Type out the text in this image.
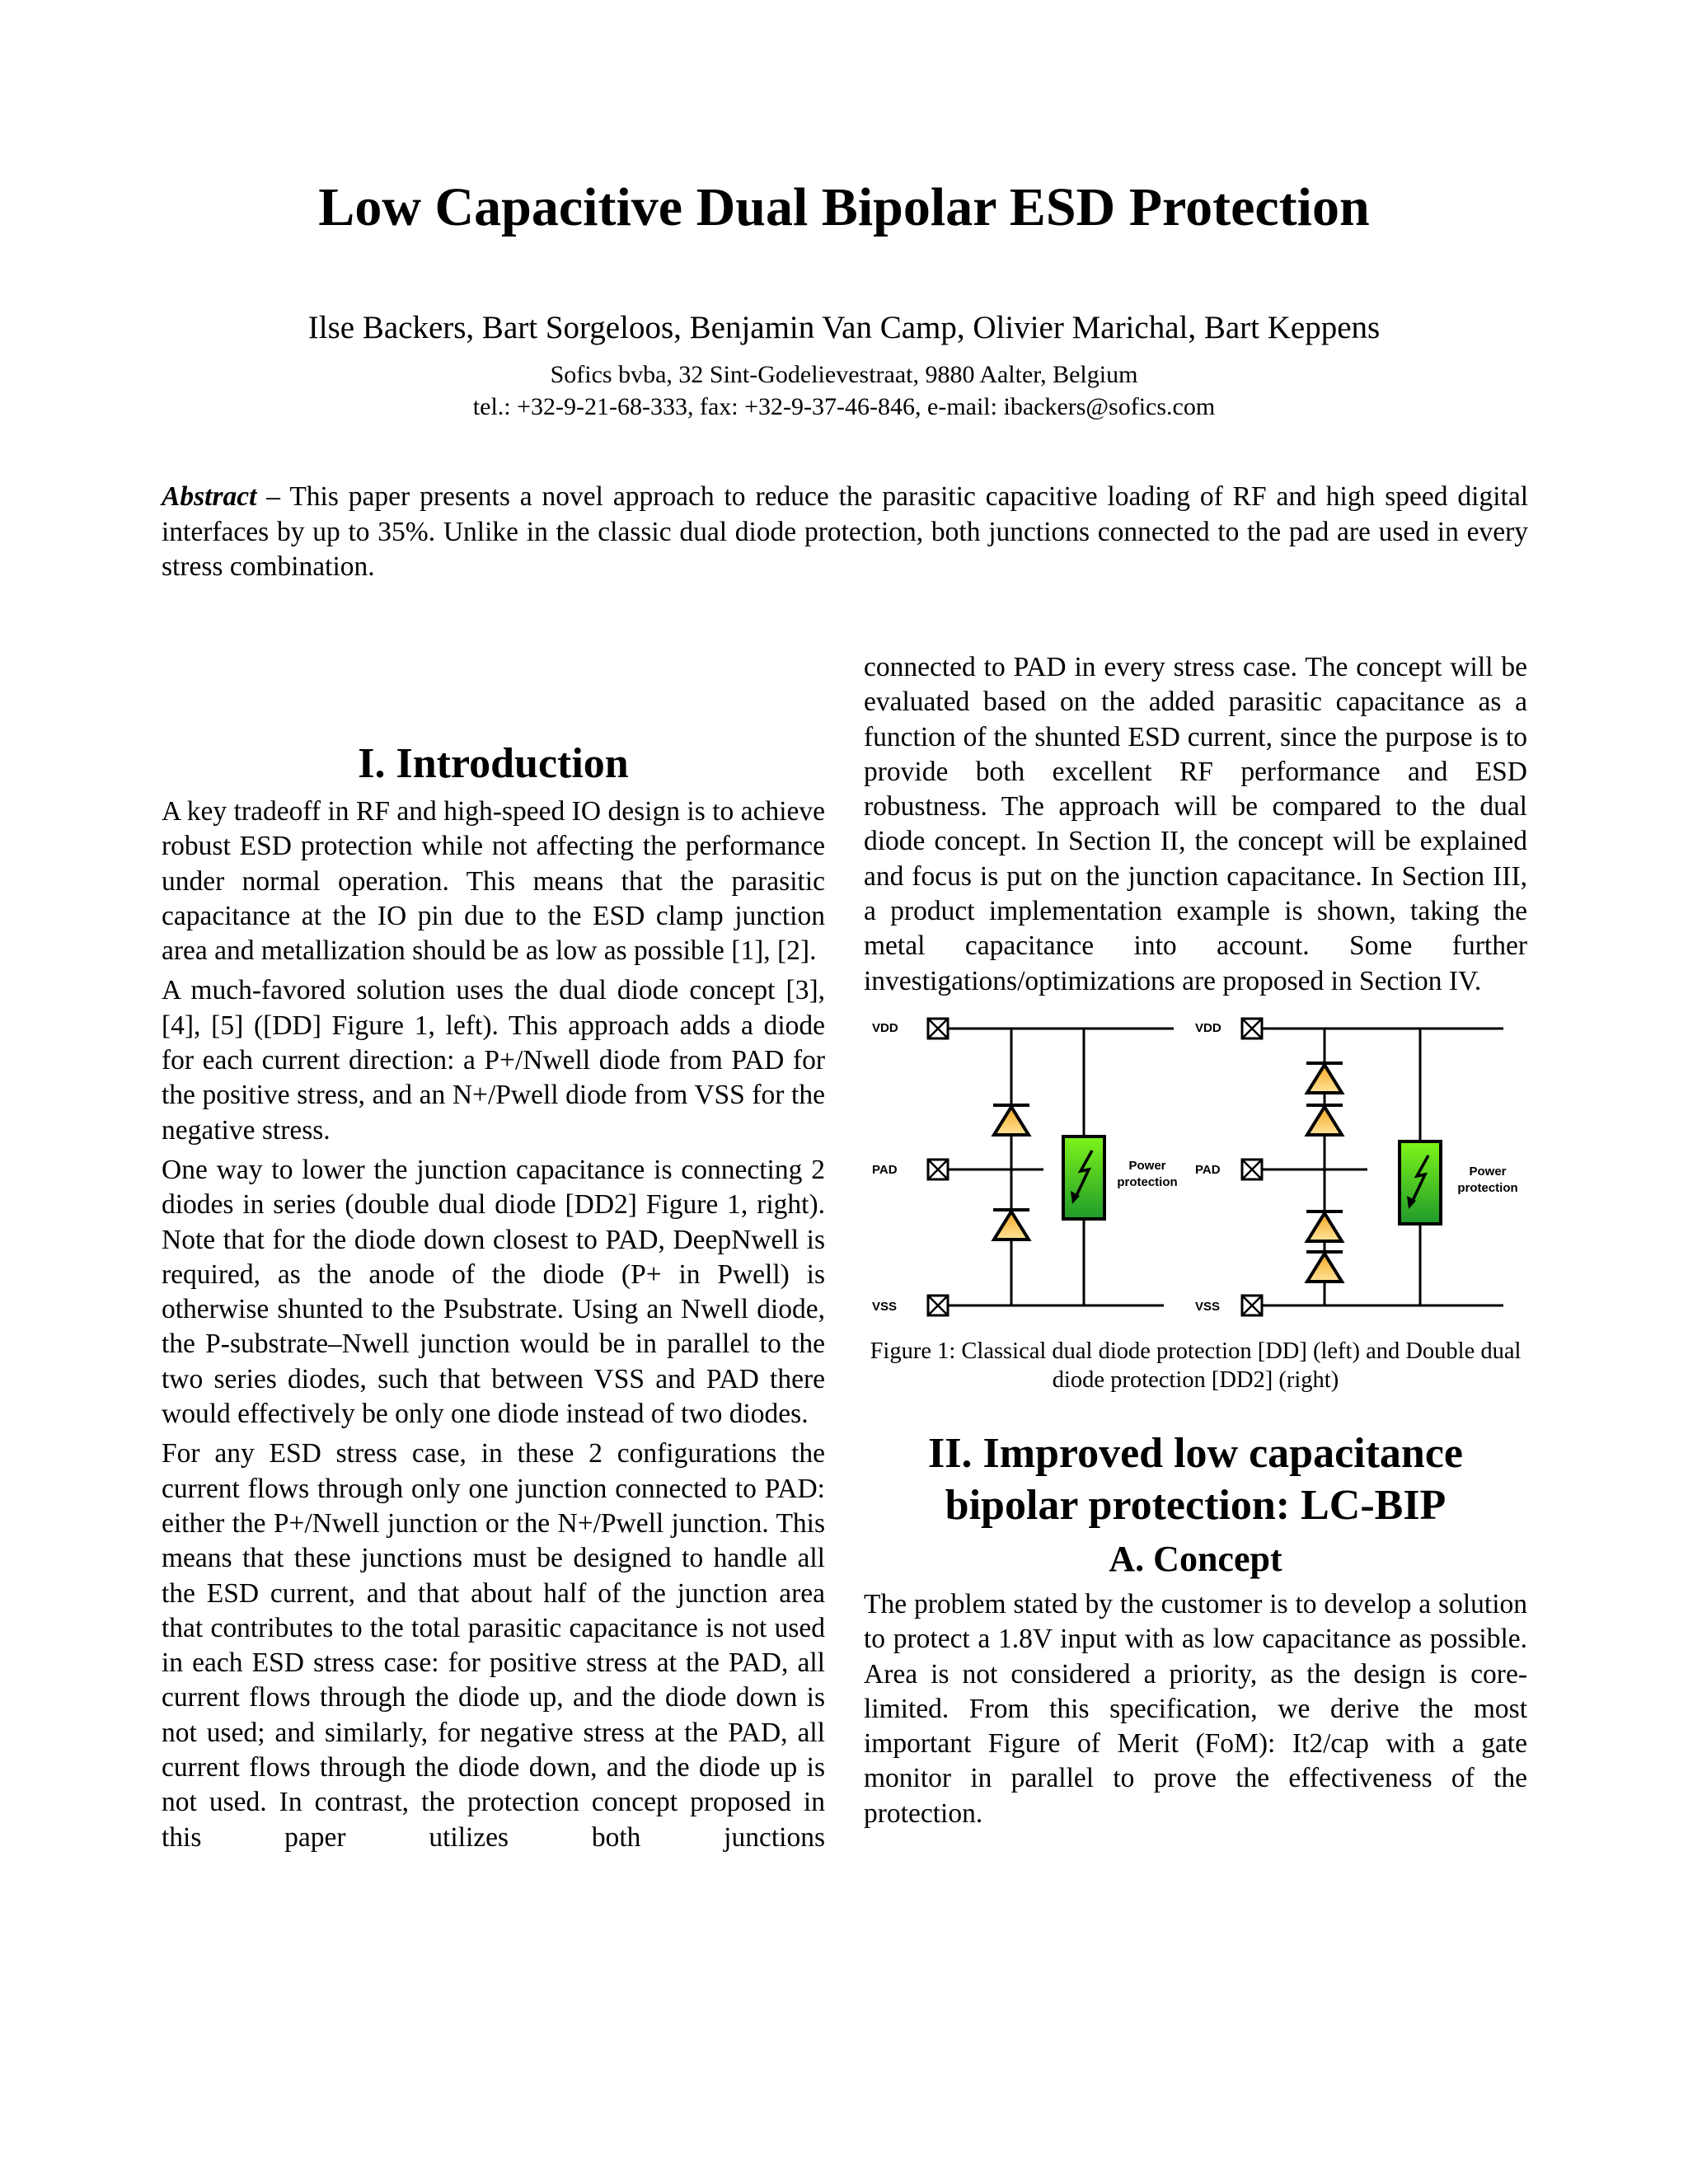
Low Capacitive Dual Bipolar ESD Protection
Ilse Backers, Bart Sorgeloos, Benjamin Van Camp, Olivier Marichal, Bart Keppens
Sofics bvba, 32 Sint-Godelievestraat, 9880 Aalter, Belgium
tel.: +32-9-21-68-333, fax: +32-9-37-46-846, e-mail: ibackers@sofics.com
Abstract – This paper presents a novel approach to reduce the parasitic capacitive loading of RF and high speed digital interfaces by up to 35%. Unlike in the classic dual diode protection, both junctions connected to the pad are used in every stress combination.
I. Introduction

A key tradeoff in RF and high-speed IO design is to achieve robust ESD protection while not affecting the performance under normal operation. This means that the parasitic capacitance at the IO pin due to the ESD clamp junction area and metallization should be as low as possible [1], [2].

A much-favored solution uses the dual diode concept [3], [4], [5] ([DD] Figure 1, left). This approach adds a diode for each current direction: a P+/Nwell diode from PAD for the positive stress, and an N+/Pwell diode from VSS for the negative stress.

One way to lower the junction capacitance is connecting 2 diodes in series (double dual diode [DD2] Figure 1, right). Note that for the diode down closest to PAD, DeepNwell is required, as the anode of the diode (P+ in Pwell) is otherwise shunted to the Psubstrate. Using an Nwell diode, the P-substrate–Nwell junction would be in parallel to the two series diodes, such that between VSS and PAD there would effectively be only one diode instead of two diodes.

For any ESD stress case, in these 2 configurations the current flows through only one junction connected to PAD: either the P+/Nwell junction or the N+/Pwell junction. This means that these junctions must be designed to handle all the ESD current, and that about half of the junction area that contributes to the total parasitic capacitance is not used in each ESD stress case: for positive stress at the PAD, all current flows through the diode up, and the diode down is not used; and similarly, for negative stress at the PAD, all current flows through the diode down, and the diode up is not used. In contrast, the protection concept proposed in this paper utilizes both junctions

connected to PAD in every stress case. The concept will be evaluated based on the added parasitic capacitance as a function of the shunted ESD current, since the purpose is to provide both excellent RF performance and ESD robustness. The approach will be compared to the dual diode concept. In Section II, the concept will be explained and focus is put on the junction capacitance. In Section III, a product implementation example is shown, taking the metal capacitance into account. Some further investigations/optimizations are proposed in Section IV.

VDD
PAD
VSS
Power
protection
VDD
PAD
VSS
Power
protection
Figure 1: Classical dual diode protection [DD] (left) and Double dual diode protection [DD2] (right)
II. Improved low capacitance bipolar protection: LC-BIP
A. Concept

The problem stated by the customer is to develop a solution to protect a 1.8V input with as low capacitance as possible. Area is not considered a priority, as the design is core-limited. From this specification, we derive the most important Figure of Merit (FoM): It2/cap with a gate monitor in parallel to prove the effectiveness of the protection.
